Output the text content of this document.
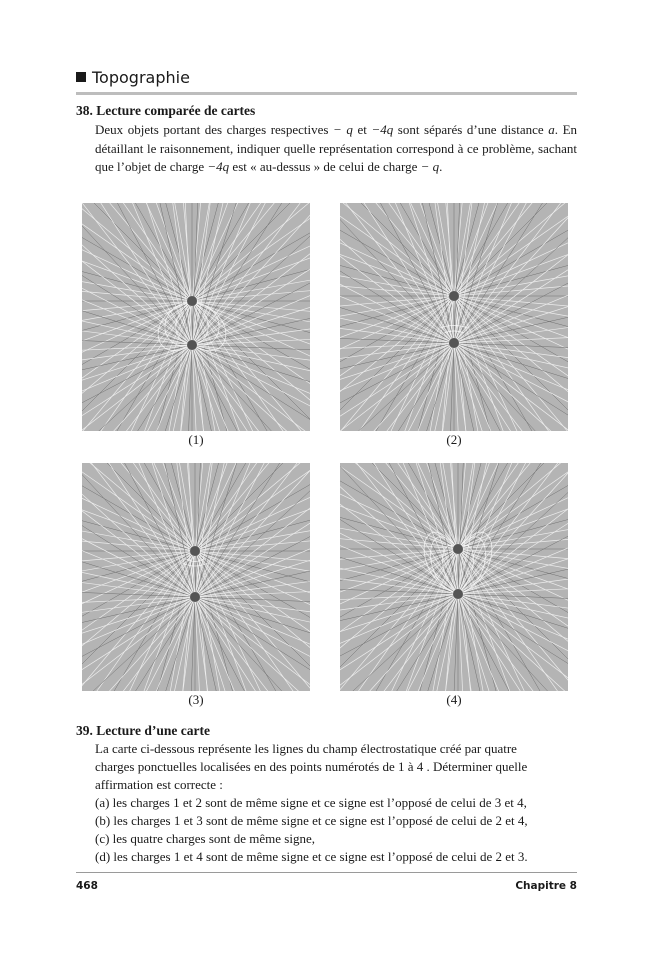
Topographie
38. Lecture comparée de cartes
Deux objets portant des charges respectives − q et −4q sont séparés d’une distance a. En détaillant le raisonnement, indiquer quelle représentation correspond à ce problème, sachant que l’objet de charge −4q est « au-dessus » de celui de charge − q.
(1)	(2)
(3)	(4)
39. Lecture d’une carte
La carte ci-dessous représente les lignes du champ électrostatique créé par quatre
charges ponctuelles localisées en des points numérotés de 1 à 4 . Déterminer quelle
affirmation est correcte :
(a) les charges 1 et 2 sont de même signe et ce signe est l’opposé de celui de 3 et 4,
(b) les charges 1 et 3 sont de même signe et ce signe est l’opposé de celui de 2 et 4,
(c) les quatre charges sont de même signe,
(d) les charges 1 et 4 sont de même signe et ce signe est l’opposé de celui de 2 et 3.
468	Chapitre 8
